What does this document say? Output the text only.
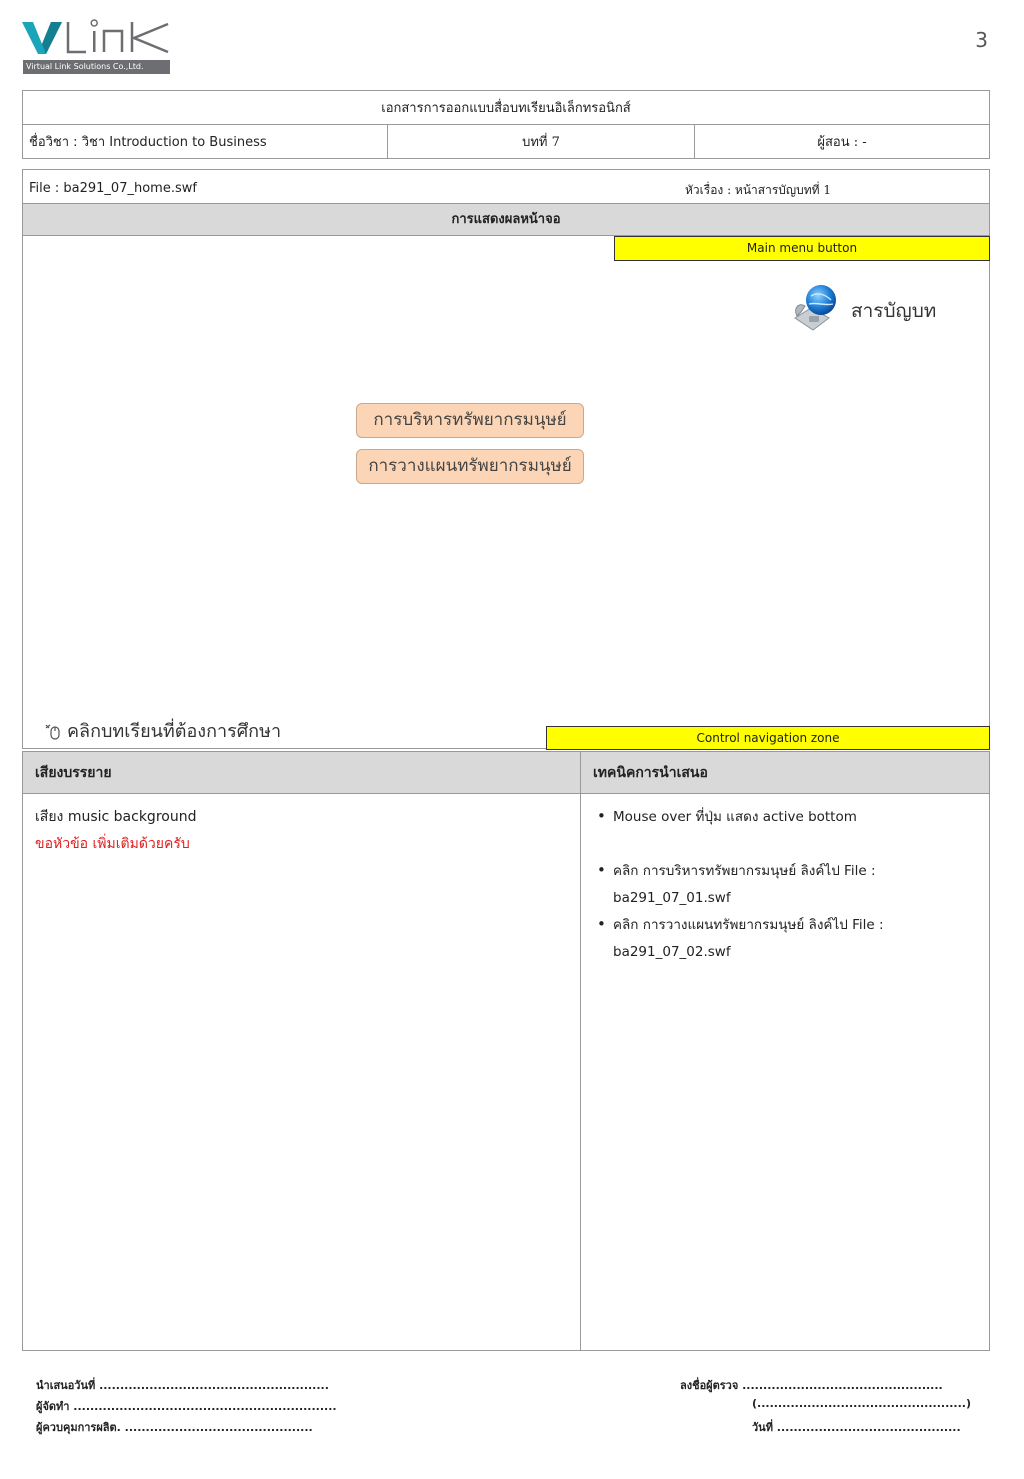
Virtual Link Solutions Co.,Ltd.
3
เอกสารการออกแบบสื่อบทเรียนอิเล็กทรอนิกส์
ชื่อวิชา : วิชา Introduction to Business	บทที่ 7	ผู้สอน : -
File : ba291_07_home.swf	หัวเรื่อง : หน้าสารบัญบทที่ 1
การแสดงผลหน้าจอ
Main menu button
สารบัญบท
การบริหารทรัพยากรมนุษย์
การวางแผนทรัพยากรมนุษย์
คลิกบทเรียนที่ต้องการศึกษา	Control navigation zone
เสียงบรรยาย	เทคนิคการนำเสนอ
เสียง music background
ขอหัวข้อ เพิ่มเติมด้วยครับ
• Mouse over ที่ปุ่ม แสดง active bottom
• คลิก การบริหารทรัพยากรมนุษย์ ลิงค์ไป File : ba291_07_01.swf
• คลิก การวางแผนทรัพยากรมนุษย์ ลิงค์ไป File : ba291_07_02.swf
นำเสนอวันที่ .......................................................
ผู้จัดทำ ...............................................................
ผู้ควบคุมการผลิต. .............................................
ลงชื่อผู้ตรวจ ................................................
(..................................................)
วันที่ ............................................
